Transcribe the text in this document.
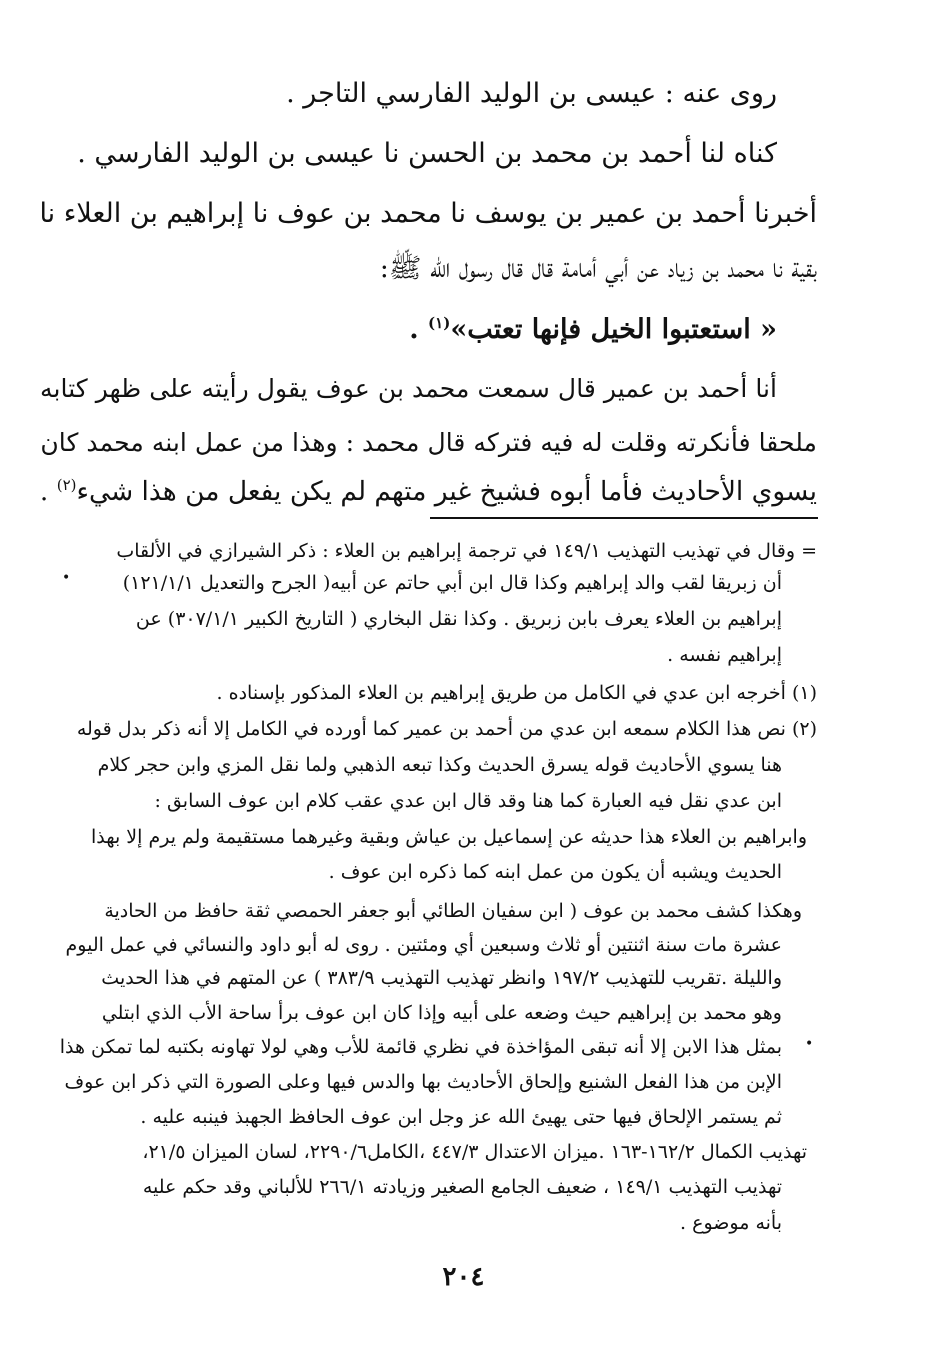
روى عنه : عيسى بن الوليد الفارسي التاجر .
كناه لنا أحمد بن محمد بن الحسن نا عيسى بن الوليد الفارسي .
أخبرنا أحمد بن عمير بن يوسف نا محمد بن عوف نا إبراهيم بن العلاء نا
بقية نا محمد بن زياد عن أبي أمامة قال قال رسول الله ﷺ:
« استعتبوا الخيل فإنها تعتب»$^{(١)}$ .
أنا أحمد بن عمير قال سمعت محمد بن عوف يقول رأيته على ظهر كتابه
ملحقا فأنكرته وقلت له فيه فتركه قال محمد : وهذا من عمل ابنه محمد كان
يسوي الأحاديث فأما أبوه فشيخ غير متهم لم يكن يفعل من هذا شيء$^{(٢)}$ .
= وقال في تهذيب التهذيب ١٤٩/١ في ترجمة إبراهيم بن العلاء : ذكر الشيرازي في الألقاب
أن زبريقا لقب والد إبراهيم وكذا قال ابن أبي حاتم عن أبيه( الجرح والتعديل ١٢١/١/١)
إبراهيم بن العلاء يعرف بابن زبريق . وكذا نقل البخاري ( التاريخ الكبير ٣٠٧/١/١) عن
إبراهيم نفسه .
(١) أخرجه ابن عدي في الكامل من طريق إبراهيم بن العلاء المذكور بإسناده .
(٢) نص هذا الكلام سمعه ابن عدي من أحمد بن عمير كما أورده في الكامل إلا أنه ذكر بدل قوله
هنا يسوي الأحاديث قوله يسرق الحديث وكذا تبعه الذهبي ولما نقل المزي وابن حجر كلام
ابن عدي نقل فيه العبارة كما هنا وقد قال ابن عدي عقب كلام ابن عوف السابق :
وابراهيم بن العلاء هذا حديثه عن إسماعيل بن عياش وبقية وغيرهما مستقيمة ولم يرم إلا بهذا
الحديث ويشبه أن يكون من عمل ابنه كما ذكره ابن عوف .
وهكذا كشف محمد بن عوف ( ابن سفيان الطائي أبو جعفر الحمصي ثقة حافظ من الحادية
عشرة مات سنة اثنتين أو ثلاث وسبعين أي ومئتين . روى له أبو داود والنسائي في عمل اليوم
والليلة .تقريب للتهذيب ١٩٧/٢ وانظر تهذيب التهذيب ٣٨٣/٩ ) عن المتهم في هذا الحديث
وهو محمد بن إبراهيم حيث وضعه على أبيه وإذا كان ابن عوف برأ ساحة الأب الذي ابتلي
بمثل هذا الابن إلا أنه تبقى المؤاخذة في نظري قائمة للأب وهي لولا تهاونه بكتبه لما تمكن هذا
الإبن من هذا الفعل الشنيع وإلحاق الأحاديث بها والدس فيها وعلى الصورة التي ذكر ابن عوف
ثم يستمر الإلحاق فيها حتى يهيئ الله عز وجل ابن عوف الحافظ الجهبذ فينبه عليه .
تهذيب الكمال ١٦٢/٢-١٦٣ .ميزان الاعتدال ٤٤٧/٣ ،الكامل٢٢٩٠/٦، لسان الميزان ٢١/٥،
تهذيب التهذيب ١٤٩/١ ، ضعيف الجامع الصغير وزيادته ٢٦٦/١ للألباني وقد حكم عليه
بأنه موضوع .
•
•
٢٠٤
